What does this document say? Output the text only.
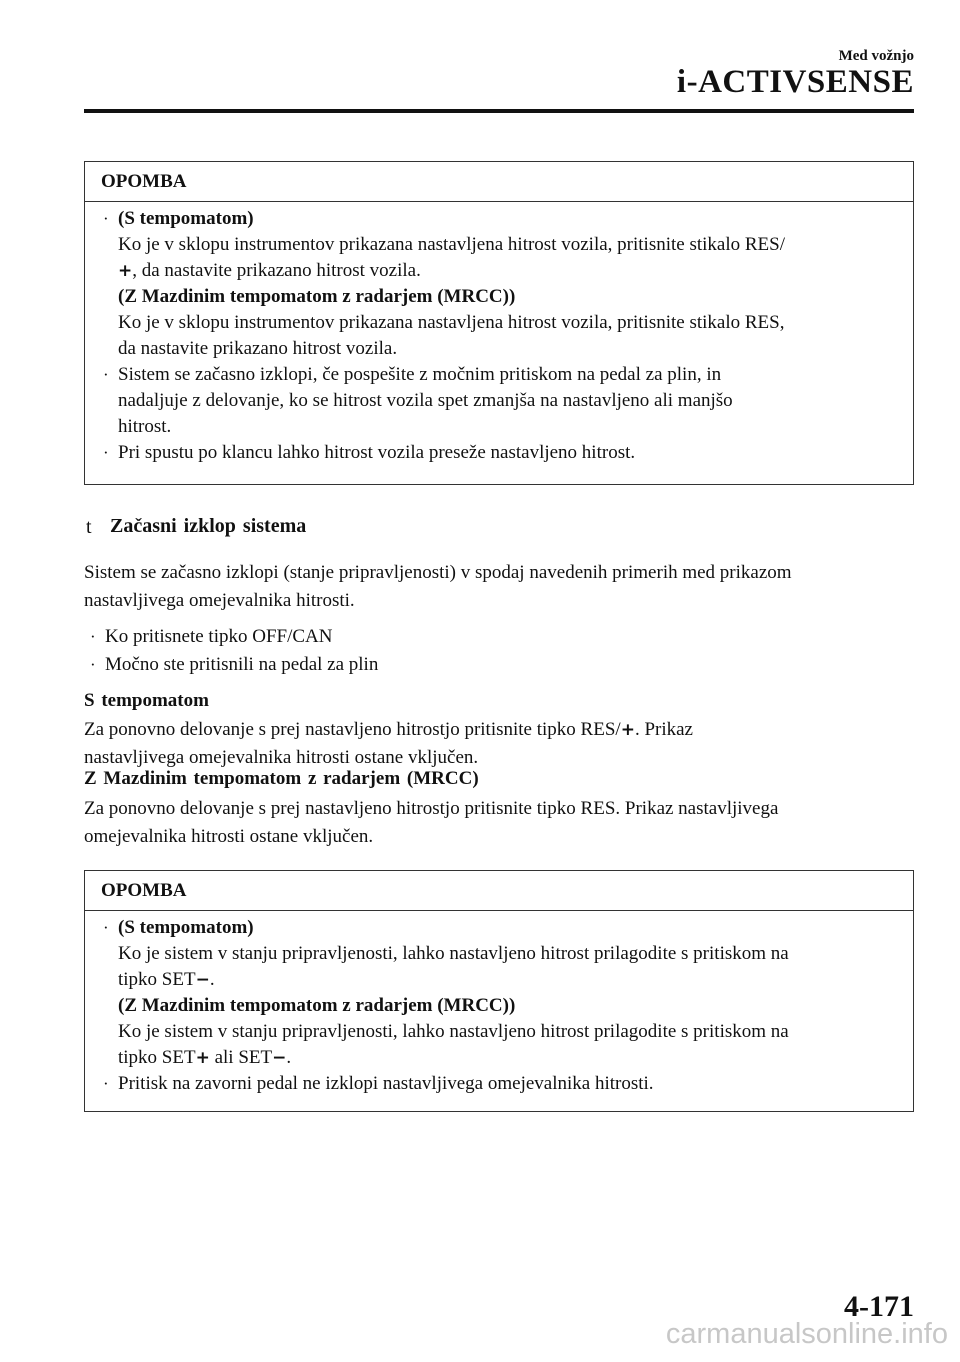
Med vožnjo
i-ACTIVSENSE
OPOMBA
· (S tempomatom)
Ko je v sklopu instrumentov prikazana nastavljena hitrost vozila, pritisnite stikalo RES/
+, da nastavite prikazano hitrost vozila.
(Z Mazdinim tempomatom z radarjem (MRCC))
Ko je v sklopu instrumentov prikazana nastavljena hitrost vozila, pritisnite stikalo RES,
da nastavite prikazano hitrost vozila.
· Sistem se začasno izklopi, če pospešite z močnim pritiskom na pedal za plin, in
nadaljuje z delovanje, ko se hitrost vozila spet zmanjša na nastavljeno ali manjšo
hitrost.
· Pri spustu po klancu lahko hitrost vozila preseže nastavljeno hitrost.
t Začasni izklop sistema
Sistem se začasno izklopi (stanje pripravljenosti) v spodaj navedenih primerih med prikazom
nastavljivega omejevalnika hitrosti.
· Ko pritisnete tipko OFF/CAN
· Močno ste pritisnili na pedal za plin
S tempomatom
Za ponovno delovanje s prej nastavljeno hitrostjo pritisnite tipko RES/+. Prikaz
nastavljivega omejevalnika hitrosti ostane vključen.
Z Mazdinim tempomatom z radarjem (MRCC)
Za ponovno delovanje s prej nastavljeno hitrostjo pritisnite tipko RES. Prikaz nastavljivega
omejevalnika hitrosti ostane vključen.
OPOMBA
· (S tempomatom)
Ko je sistem v stanju pripravljenosti, lahko nastavljeno hitrost prilagodite s pritiskom na
tipko SET−.
(Z Mazdinim tempomatom z radarjem (MRCC))
Ko je sistem v stanju pripravljenosti, lahko nastavljeno hitrost prilagodite s pritiskom na
tipko SET+ ali SET−.
· Pritisk na zavorni pedal ne izklopi nastavljivega omejevalnika hitrosti.
4-171
carmanualsonline.info
